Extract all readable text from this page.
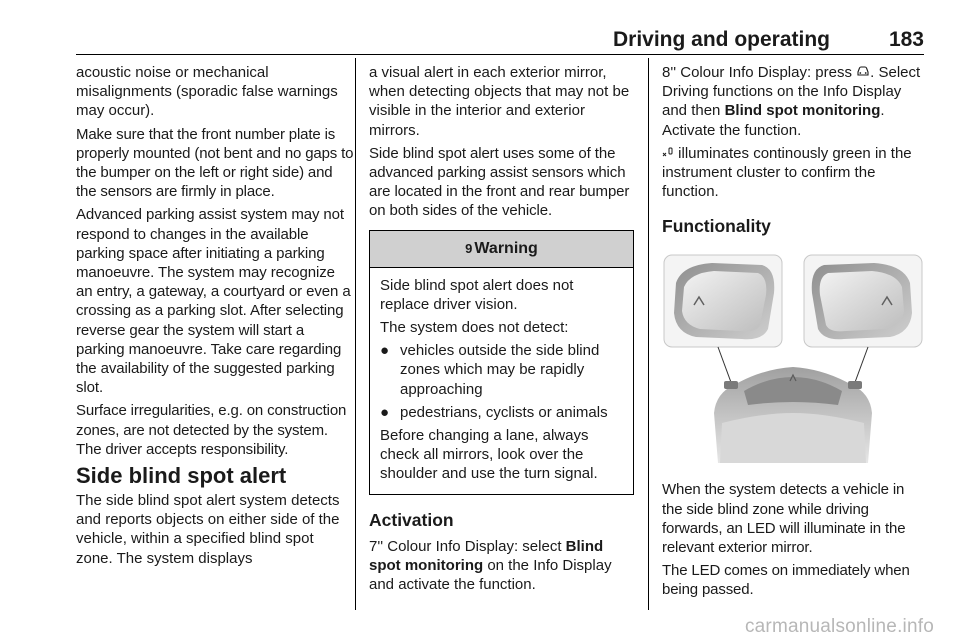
Driving and operating	183

acoustic noise or mechanical misalignments (sporadic false warnings may occur).

Make sure that the front number plate is properly mounted (not bent and no gaps to the bumper on the left or right side) and the sensors are firmly in place.

Advanced parking assist system may not respond to changes in the available parking space after initiating a parking manoeuvre. The system may recognize an entry, a gateway, a courtyard or even a crossing as a parking slot. After selecting reverse gear the system will start a parking manoeuvre. Take care regarding the availability of the suggested parking slot.

Surface irregularities, e.g. on construction zones, are not detected by the system. The driver accepts responsibility.

Side blind spot alert

The side blind spot alert system detects and reports objects on either side of the vehicle, within a specified blind spot zone. The system displays

a visual alert in each exterior mirror, when detecting objects that may not be visible in the interior and exterior mirrors.

Side blind spot alert uses some of the advanced parking assist sensors which are located in the front and rear bumper on both sides of the vehicle.

9 Warning

Side blind spot alert does not replace driver vision.

The system does not detect:

● vehicles outside the side blind zones which may be rapidly approaching
● pedestrians, cyclists or animals

Before changing a lane, always check all mirrors, look over the shoulder and use the turn signal.

Activation

7'' Colour Info Display: select Blind spot monitoring on the Info Display and activate the function.

8'' Colour Info Display: press . Select Driving functions on the Info Display and then Blind spot monitoring. Activate the function.

illuminates continously green in the instrument cluster to confirm the function.

Functionality

When the system detects a vehicle in the side blind zone while driving forwards, an LED will illuminate in the relevant exterior mirror.

The LED comes on immediately when being passed.

carmanualsonline.info
